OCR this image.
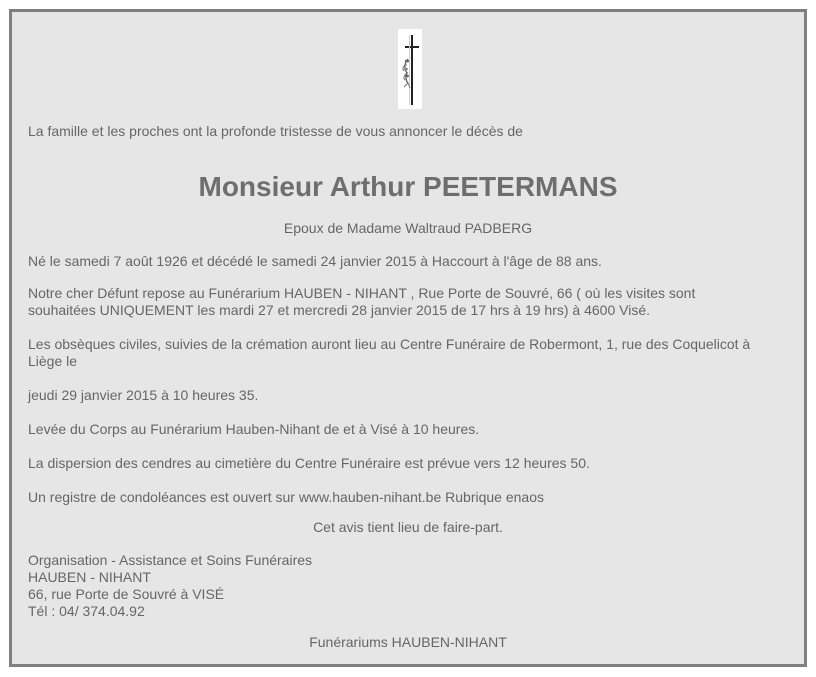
La famille et les proches ont la profonde tristesse de vous annoncer le décès de

Monsieur Arthur PEETERMANS

Epoux de Madame Waltraud PADBERG

Né le samedi 7 août 1926 et décédé le samedi 24 janvier 2015 à Haccourt à l'âge de 88 ans.

Notre cher Défunt repose au Funérarium HAUBEN - NIHANT , Rue Porte de Souvré, 66 ( où les visites sont

souhaitées UNIQUEMENT les mardi 27 et mercredi 28 janvier 2015 de 17 hrs à 19 hrs) à 4600 Visé.

Les obsèques civiles, suivies de la crémation auront lieu au Centre Funéraire de Robermont, 1, rue des Coquelicot à

Liège le

jeudi 29 janvier 2015 à 10 heures 35.

Levée du Corps au Funérarium Hauben-Nihant de et à Visé à 10 heures.

La dispersion des cendres au cimetière du Centre Funéraire est prévue vers 12 heures 50.

Un registre de condoléances est ouvert sur www.hauben-nihant.be Rubrique enaos

Cet avis tient lieu de faire-part.

Organisation - Assistance et Soins Funéraires

HAUBEN - NIHANT

66, rue Porte de Souvré à VISÉ

Tél : 04/ 374.04.92

Funérariums HAUBEN-NIHANT
